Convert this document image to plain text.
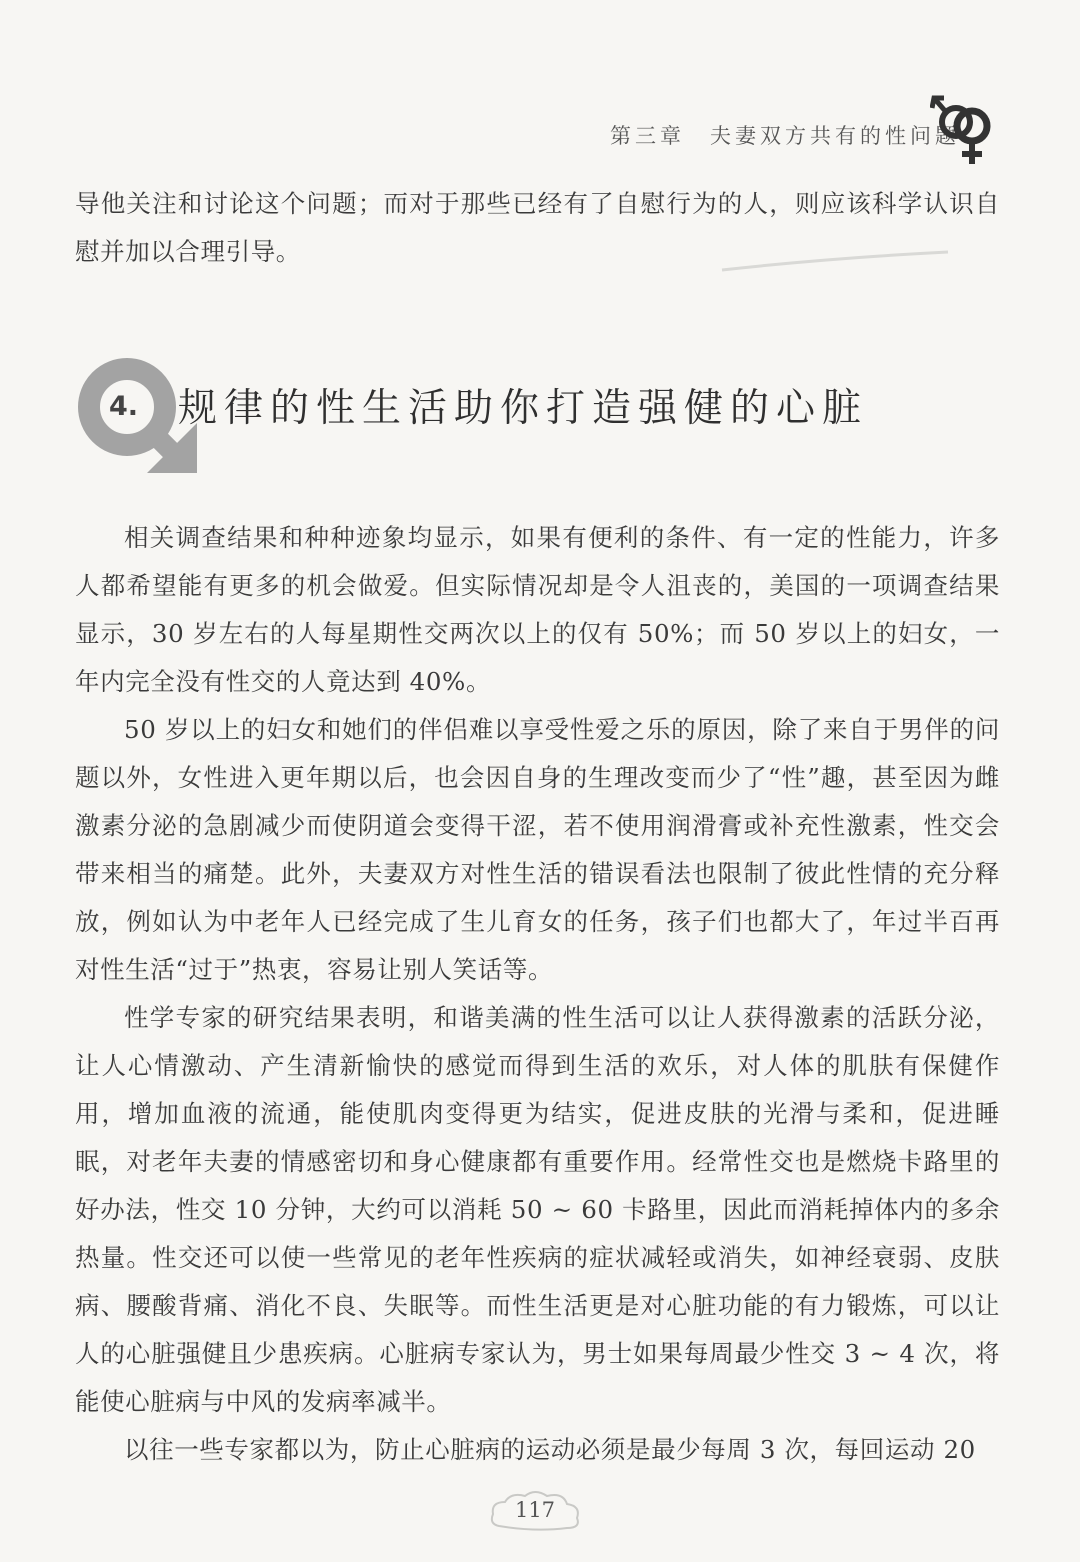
第三章　夫妻双方共有的性问题
导他关注和讨论这个问题；而对于那些已经有了自慰行为的人，则应该科学认识自慰并加以合理引导。
4. 规律的性生活助你打造强健的心脏
相关调查结果和种种迹象均显示，如果有便利的条件、有一定的性能力，许多人都希望能有更多的机会做爱。但实际情况却是令人沮丧的，美国的一项调查结果显示，30 岁左右的人每星期性交两次以上的仅有 50%；而 50 岁以上的妇女，一年内完全没有性交的人竟达到 40%。
50 岁以上的妇女和她们的伴侣难以享受性爱之乐的原因，除了来自于男伴的问题以外，女性进入更年期以后，也会因自身的生理改变而少了“性”趣，甚至因为雌激素分泌的急剧减少而使阴道会变得干涩，若不使用润滑膏或补充性激素，性交会带来相当的痛楚。此外，夫妻双方对性生活的错误看法也限制了彼此性情的充分释放，例如认为中老年人已经完成了生儿育女的任务，孩子们也都大了，年过半百再对性生活“过于”热衷，容易让别人笑话等。
性学专家的研究结果表明，和谐美满的性生活可以让人获得激素的活跃分泌，让人心情激动、产生清新愉快的感觉而得到生活的欢乐，对人体的肌肤有保健作用，增加血液的流通，能使肌肉变得更为结实，促进皮肤的光滑与柔和，促进睡眠，对老年夫妻的情感密切和身心健康都有重要作用。经常性交也是燃烧卡路里的好办法，性交 10 分钟，大约可以消耗 50 ~ 60 卡路里，因此而消耗掉体内的多余热量。性交还可以使一些常见的老年性疾病的症状减轻或消失，如神经衰弱、皮肤病、腰酸背痛、消化不良、失眠等。而性生活更是对心脏功能的有力锻炼，可以让人的心脏强健且少患疾病。心脏病专家认为，男士如果每周最少性交 3 ~ 4 次，将能使心脏病与中风的发病率减半。
以往一些专家都以为，防止心脏病的运动必须是最少每周 3 次，每回运动 20
117
